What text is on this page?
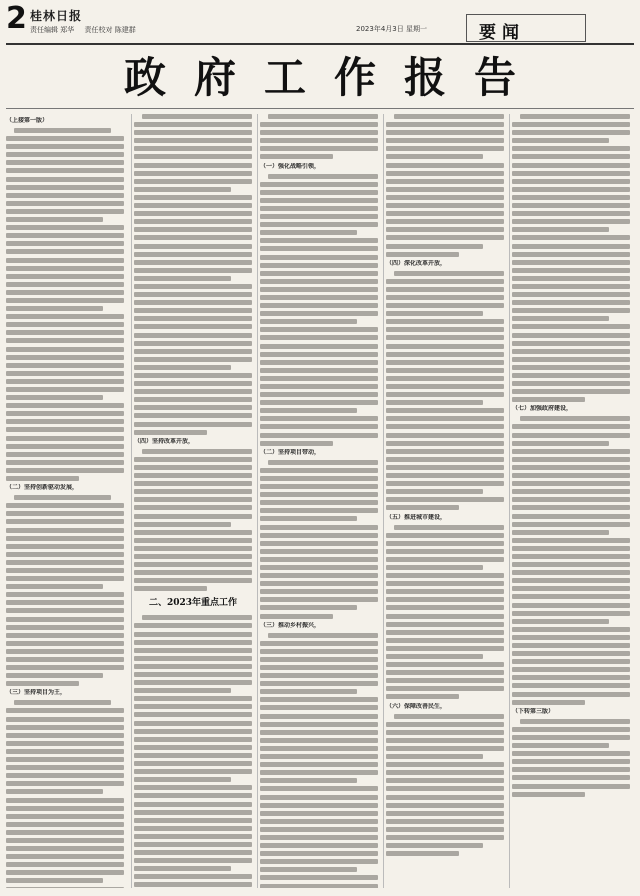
2 桂林日报
责任编辑 郑华 责任校对 陈建群	2023年4月3日 星期一	要闻
政府工作报告
（上接第一版）
（二）坚持创新驱动发展，
（三）坚持项目为王，
（四）坚持改革开放，
二、2023年重点工作
（一）强化战略引领，
（二）坚持项目带动，
（三）推动乡村振兴，
（四）深化改革开放，
（五）推进城市建设，
（六）保障改善民生，
（七）加强政府建设，
（下转第三版）
